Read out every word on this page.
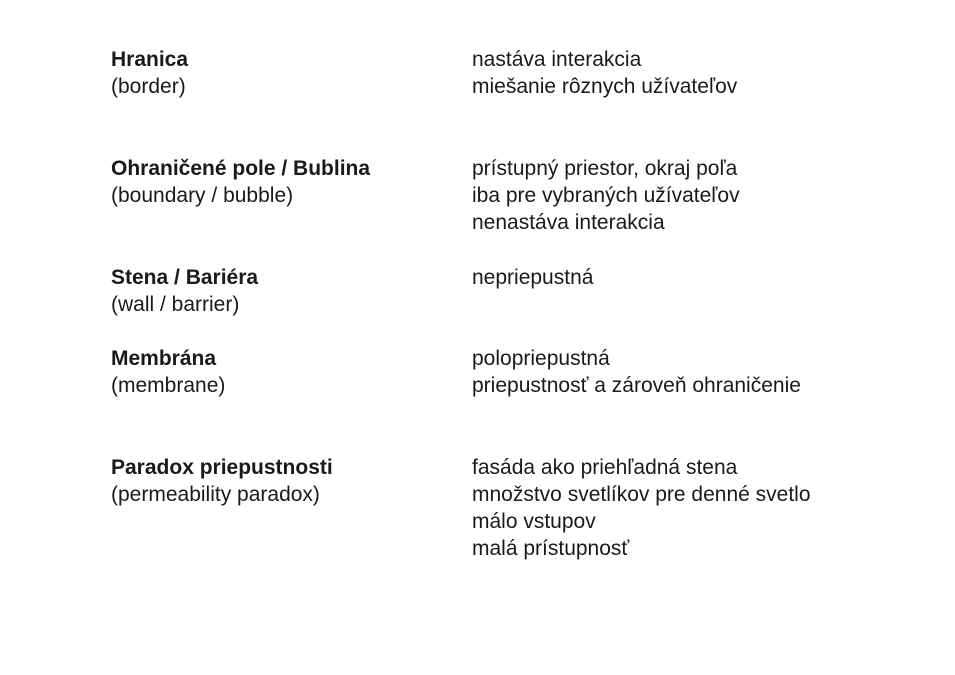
Hranica
(border)
nastáva interakcia
miešanie rôznych užívateľov
Ohraničené pole / Bublina
(boundary / bubble)
prístupný priestor, okraj poľa
iba pre vybraných užívateľov
nenastáva interakcia
Stena / Bariéra
(wall / barrier)
nepriepustná
Membrána
(membrane)
polopriepustná
priepustnosť a zároveň ohraničenie
Paradox priepustnosti
(permeability paradox)
fasáda ako priehľadná stena
množstvo svetlíkov pre denné svetlo
málo vstupov
malá prístupnosť
